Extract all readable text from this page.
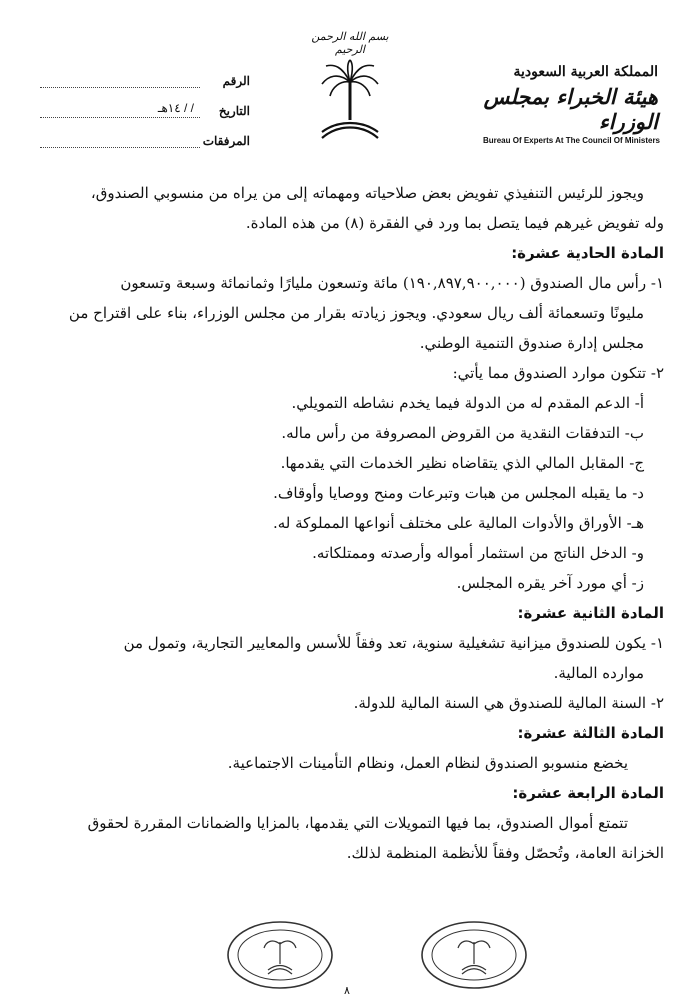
بسم الله الرحمن الرحيم
المملكة العربية السعودية
هيئة الخبراء بمجلس الوزراء
Bureau Of Experts At The Council Of Ministers
الرقم
التاريخ
/ / ١٤هـ
المرفقات
ويجوز للرئيس التنفيذي تفويض بعض صلاحياته ومهماته إلى من يراه من منسوبي الصندوق،
وله تفويض غيرهم فيما يتصل بما ورد في الفقرة (٨) من هذه المادة.
المادة الحادية عشرة:
١- رأس مال الصندوق (١٩٠,٨٩٧,٩٠٠,٠٠٠) مائة وتسعون مليارًا وثمانمائة وسبعة وتسعون
مليونًا وتسعمائة ألف ريال سعودي. ويجوز زيادته بقرار من مجلس الوزراء، بناء على اقتراح من
مجلس إدارة صندوق التنمية الوطني.
٢- تتكون موارد الصندوق مما يأتي:
أ- الدعم المقدم له من الدولة فيما يخدم نشاطه التمويلي.
ب- التدفقات النقدية من القروض المصروفة من رأس ماله.
ج- المقابل المالي الذي يتقاضاه نظير الخدمات التي يقدمها.
د- ما يقبله المجلس من هبات وتبرعات ومنح ووصايا وأوقاف.
هـ- الأوراق والأدوات المالية على مختلف أنواعها المملوكة له.
و- الدخل الناتج من استثمار أمواله وأرصدته وممتلكاته.
ز- أي مورد آخر يقره المجلس.
المادة الثانية عشرة:
١- يكون للصندوق ميزانية تشغيلية سنوية، تعد وفقاً للأسس والمعايير التجارية، وتمول من
موارده المالية.
٢- السنة المالية للصندوق هي السنة المالية للدولة.
المادة الثالثة عشرة:
يخضع منسوبو الصندوق لنظام العمل، ونظام التأمينات الاجتماعية.
المادة الرابعة عشرة:
تتمتع أموال الصندوق، بما فيها التمويلات التي يقدمها، بالمزايا والضمانات المقررة لحقوق
الخزانة العامة، وتُحصّل وفقاً للأنظمة المنظمة لذلك.
٨
